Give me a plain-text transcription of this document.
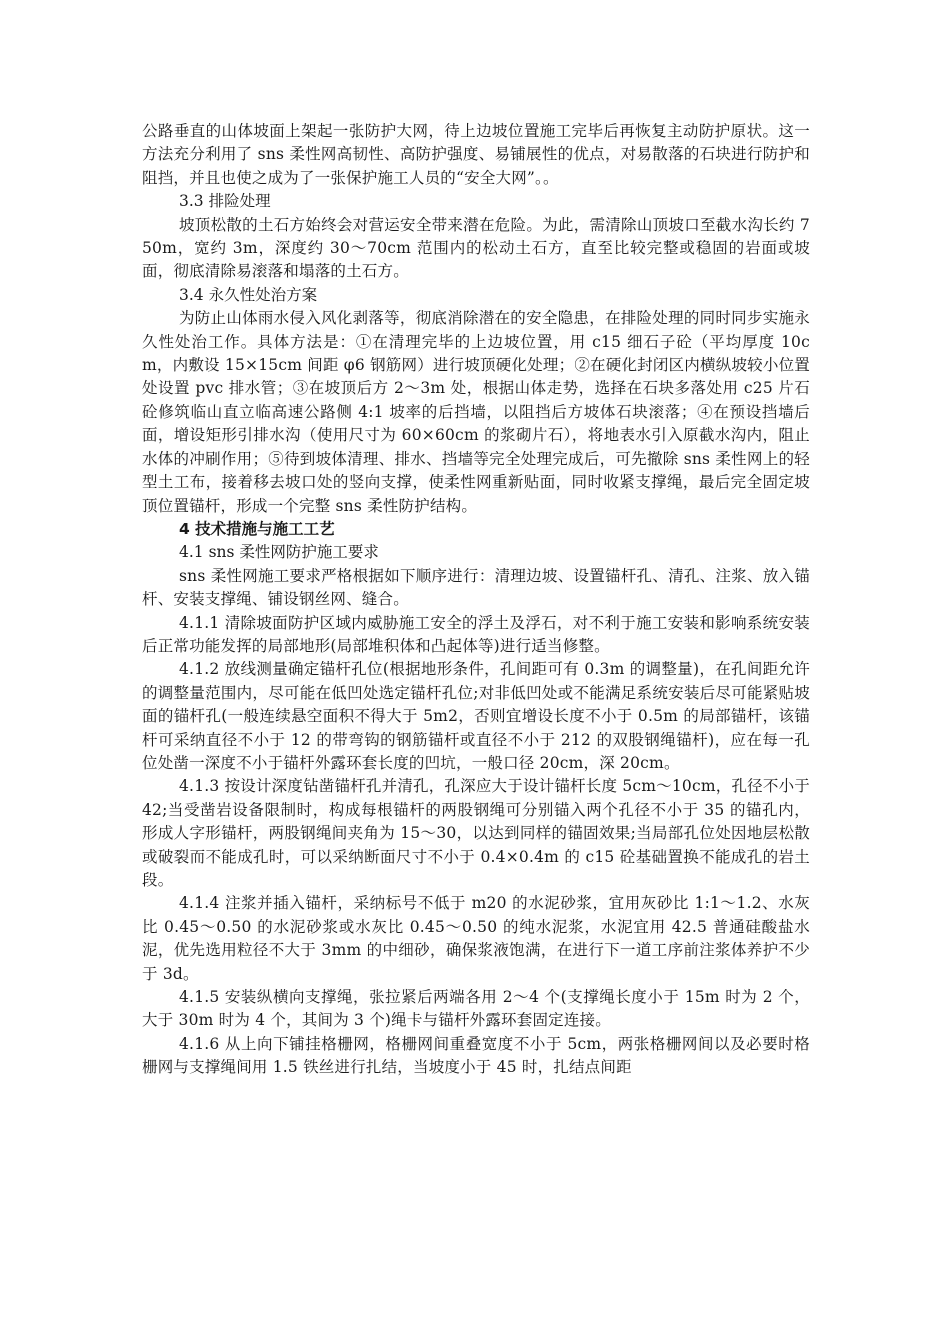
公路垂直的山体坡面上架起一张防护大网，待上边坡位置施工完毕后再恢复主动防护原状。这一方法充分利用了 sns 柔性网高韧性、高防护强度、易铺展性的优点，对易散落的石块进行防护和阻挡，并且也使之成为了一张保护施工人员的“安全大网”。。

3.3 排险处理

坡顶松散的土石方始终会对营运安全带来潜在危险。为此，需清除山顶坡口至截水沟长约 750m，宽约 3m，深度约 30～70cm 范围内的松动土石方，直至比较完整或稳固的岩面或坡面，彻底清除易滚落和塌落的土石方。

3.4 永久性处治方案

为防止山体雨水侵入风化剥落等，彻底消除潜在的安全隐患，在排险处理的同时同步实施永久性处治工作。具体方法是：①在清理完毕的上边坡位置，用 c15 细石子砼（平均厚度 10cm，内敷设 15×15cm 间距 φ6 钢筋网）进行坡顶硬化处理；②在硬化封闭区内横纵坡较小位置处设置 pvc 排水管；③在坡顶后方 2～3m 处，根据山体走势，选择在石块多落处用 c25 片石砼修筑临山直立临高速公路侧 4:1 坡率的后挡墙，以阻挡后方坡体石块滚落；④在预设挡墙后面，增设矩形引排水沟（使用尺寸为 60×60cm 的浆砌片石），将地表水引入原截水沟内，阻止水体的冲刷作用；⑤待到坡体清理、排水、挡墙等完全处理完成后，可先撤除 sns 柔性网上的轻型土工布，接着移去坡口处的竖向支撑，使柔性网重新贴面，同时收紧支撑绳，最后完全固定坡顶位置锚杆，形成一个完整 sns 柔性防护结构。

4 技术措施与施工工艺

4.1 sns 柔性网防护施工要求

sns 柔性网施工要求严格根据如下顺序进行：清理边坡、设置锚杆孔、清孔、注浆、放入锚杆、安装支撑绳、铺设钢丝网、缝合。

4.1.1 清除坡面防护区域内威胁施工安全的浮土及浮石，对不利于施工安装和影响系统安装后正常功能发挥的局部地形(局部堆积体和凸起体等)进行适当修整。

4.1.2 放线测量确定锚杆孔位(根据地形条件，孔间距可有 0.3m 的调整量)，在孔间距允许的调整量范围内，尽可能在低凹处选定锚杆孔位;对非低凹处或不能满足系统安装后尽可能紧贴坡面的锚杆孔(一般连续悬空面积不得大于 5m2，否则宜增设长度不小于 0.5m 的局部锚杆，该锚杆可采纳直径不小于 12 的带弯钩的钢筋锚杆或直径不小于 212 的双股钢绳锚杆)，应在每一孔位处凿一深度不小于锚杆外露环套长度的凹坑，一般口径 20cm，深 20cm。

4.1.3 按设计深度钻凿锚杆孔并清孔，孔深应大于设计锚杆长度 5cm～10cm，孔径不小于 42;当受凿岩设备限制时，构成每根锚杆的两股钢绳可分别锚入两个孔径不小于 35 的锚孔内，形成人字形锚杆，两股钢绳间夹角为 15～30，以达到同样的锚固效果;当局部孔位处因地层松散或破裂而不能成孔时，可以采纳断面尺寸不小于 0.4×0.4m 的 c15 砼基础置换不能成孔的岩土段。

4.1.4 注浆并插入锚杆，采纳标号不低于 m20 的水泥砂浆，宜用灰砂比 1:1～1.2、水灰比 0.45～0.50 的水泥砂浆或水灰比 0.45～0.50 的纯水泥浆，水泥宜用 42.5 普通硅酸盐水泥，优先选用粒径不大于 3mm 的中细砂，确保浆液饱满，在进行下一道工序前注浆体养护不少于 3d。

4.1.5 安装纵横向支撑绳，张拉紧后两端各用 2～4 个(支撑绳长度小于 15m 时为 2 个，大于 30m 时为 4 个，其间为 3 个)绳卡与锚杆外露环套固定连接。

4.1.6 从上向下铺挂格栅网，格栅网间重叠宽度不小于 5cm，两张格栅网间以及必要时格栅网与支撑绳间用 1.5 铁丝进行扎结，当坡度小于 45 时，扎结点间距
